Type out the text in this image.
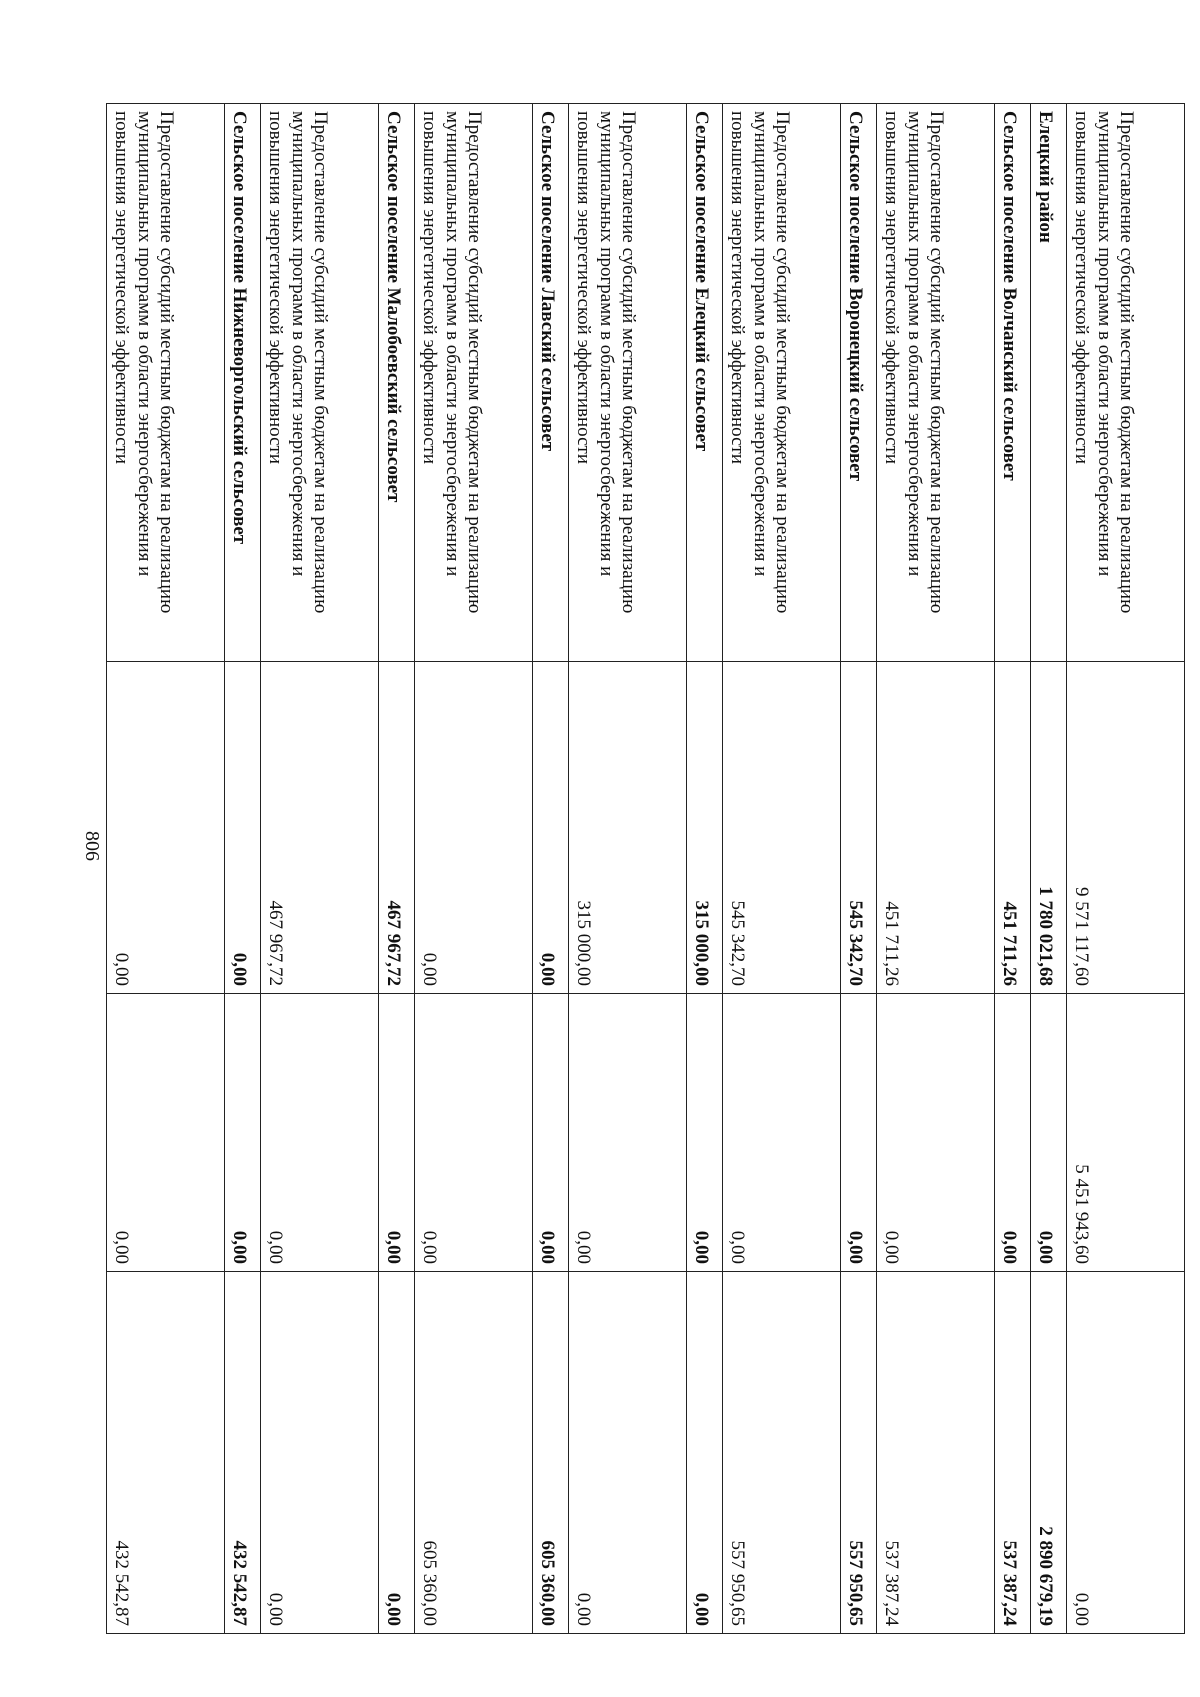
806
Предоставление субсидий местным бюджетам на реализацию муниципальных программ в области энергосбережения и повышения энергетической эффективности	9 571 117,60	5 451 943,60	0,00
Елецкий район	1 780 021,68	0,00	2 890 679,19
Сельское поселение Волчанский сельсовет	451 711,26	0,00	537 387,24
Предоставление субсидий местным бюджетам на реализацию муниципальных программ в области энергосбережения и повышения энергетической эффективности	451 711,26	0,00	537 387,24
Сельское поселение Воронецкий сельсовет	545 342,70	0,00	557 950,65
Предоставление субсидий местным бюджетам на реализацию муниципальных программ в области энергосбережения и повышения энергетической эффективности	545 342,70	0,00	557 950,65
Сельское поселение Елецкий сельсовет	315 000,00	0,00	0,00
Предоставление субсидий местным бюджетам на реализацию муниципальных программ в области энергосбережения и повышения энергетической эффективности	315 000,00	0,00	0,00
Сельское поселение Лавский сельсовет	0,00	0,00	605 360,00
Предоставление субсидий местным бюджетам на реализацию муниципальных программ в области энергосбережения и повышения энергетической эффективности	0,00	0,00	605 360,00
Сельское поселение Малобоевский сельсовет	467 967,72	0,00	0,00
Предоставление субсидий местным бюджетам на реализацию муниципальных программ в области энергосбережения и повышения энергетической эффективности	467 967,72	0,00	0,00
Сельское поселение Нижневоргольский сельсовет	0,00	0,00	432 542,87
Предоставление субсидий местным бюджетам на реализацию муниципальных программ в области энергосбережения и повышения энергетической эффективности	0,00	0,00	432 542,87
